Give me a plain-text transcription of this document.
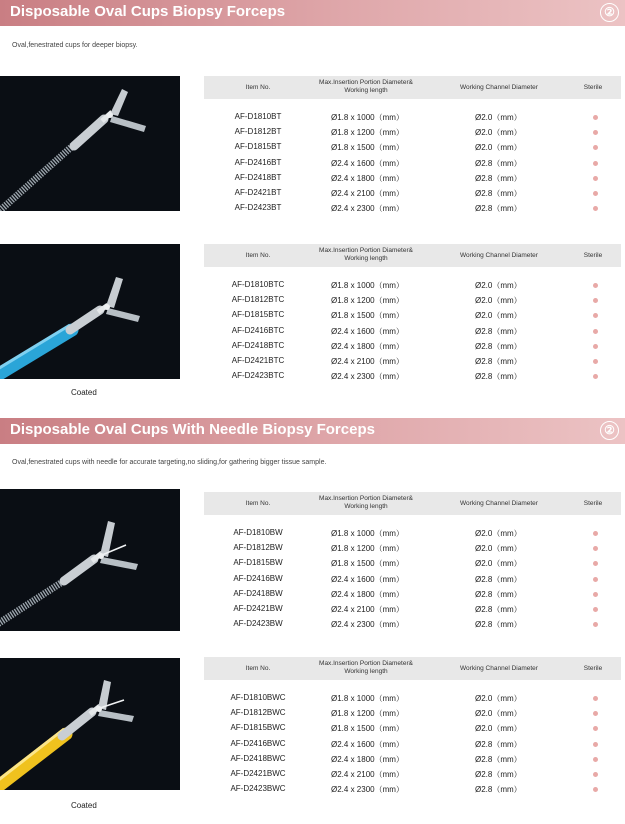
Disposable Oval Cups Biopsy Forceps	②
Oval,fenestrated cups for deeper biopsy.
Item No.
Max.Insertion Portion Diameter& Working length	Working Channel Diameter	Sterile
AF-D1810BT	Ø1.8 x 1000（mm）	Ø2.0（mm）
AF-D1812BT	Ø1.8 x 1200（mm）	Ø2.0（mm）
AF-D1815BT	Ø1.8 x 1500（mm）	Ø2.0（mm）
AF-D2416BT	Ø2.4 x 1600（mm）	Ø2.8（mm）
AF-D2418BT	Ø2.4 x 1800（mm）	Ø2.8（mm）
AF-D2421BT	Ø2.4 x 2100（mm）	Ø2.8（mm）
AF-D2423BT	Ø2.4 x 2300（mm）	Ø2.8（mm）
Coated
Item No.
Max.Insertion Portion Diameter& Working length	Working Channel Diameter	Sterile
AF-D1810BTC	Ø1.8 x 1000（mm）	Ø2.0（mm）
AF-D1812BTC	Ø1.8 x 1200（mm）	Ø2.0（mm）
AF-D1815BTC	Ø1.8 x 1500（mm）	Ø2.0（mm）
AF-D2416BTC	Ø2.4 x 1600（mm）	Ø2.8（mm）
AF-D2418BTC	Ø2.4 x 1800（mm）	Ø2.8（mm）
AF-D2421BTC	Ø2.4 x 2100（mm）	Ø2.8（mm）
AF-D2423BTC	Ø2.4 x 2300（mm）	Ø2.8（mm）
Disposable Oval Cups With Needle Biopsy Forceps	②
Oval,fenestrated cups with needle for accurate targeting,no sliding,for gathering bigger tissue sample.
Item No.
Max.Insertion Portion Diameter& Working length	Working Channel Diameter	Sterile
AF-D1810BW	Ø1.8 x 1000（mm）	Ø2.0（mm）
AF-D1812BW	Ø1.8 x 1200（mm）	Ø2.0（mm）
AF-D1815BW	Ø1.8 x 1500（mm）	Ø2.0（mm）
AF-D2416BW	Ø2.4 x 1600（mm）	Ø2.8（mm）
AF-D2418BW	Ø2.4 x 1800（mm）	Ø2.8（mm）
AF-D2421BW	Ø2.4 x 2100（mm）	Ø2.8（mm）
AF-D2423BW	Ø2.4 x 2300（mm）	Ø2.8（mm）
Coated
Item No.
Max.Insertion Portion Diameter& Working length	Working Channel Diameter	Sterile
AF-D1810BWC	Ø1.8 x 1000（mm）	Ø2.0（mm）
AF-D1812BWC	Ø1.8 x 1200（mm）	Ø2.0（mm）
AF-D1815BWC	Ø1.8 x 1500（mm）	Ø2.0（mm）
AF-D2416BWC	Ø2.4 x 1600（mm）	Ø2.8（mm）
AF-D2418BWC	Ø2.4 x 1800（mm）	Ø2.8（mm）
AF-D2421BWC	Ø2.4 x 2100（mm）	Ø2.8（mm）
AF-D2423BWC	Ø2.4 x 2300（mm）	Ø2.8（mm）
